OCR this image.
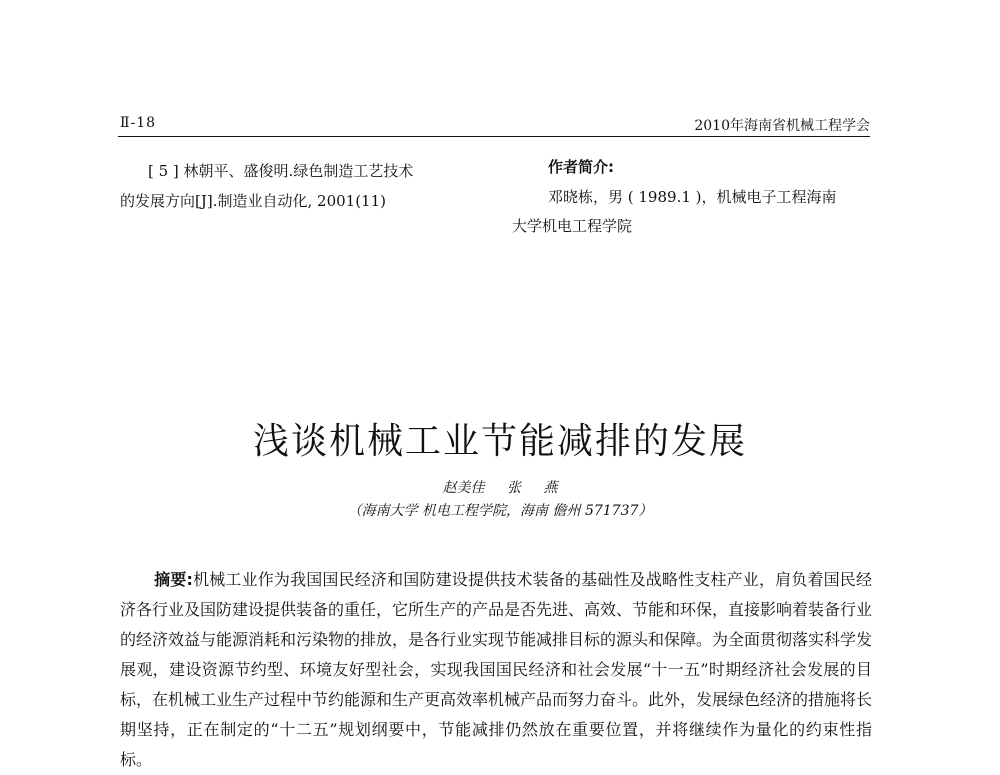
Ⅱ-18	2010年海南省机械工程学会
[ 5 ] 林朝平、盛俊明.绿色制造工艺技术
的发展方向[J].制造业自动化, 2001(11)
作者简介:
邓晓栋，男 ( 1989.1 )，机械电子工程海南
大学机电工程学院
浅谈机械工业节能减排的发展
赵美佳 张 燕
（海南大学 机电工程学院，海南 儋州 571737）
摘要:机械工业作为我国国民经济和国防建设提供技术装备的基础性及战略性支柱产业，肩负着国民经济各行业及国防建设提供装备的重任，它所生产的产品是否先进、高效、节能和环保，直接影响着装备行业的经济效益与能源消耗和污染物的排放，是各行业实现节能减排目标的源头和保障。为全面贯彻落实科学发展观，建设资源节约型、环境友好型社会，实现我国国民经济和社会发展“十一五”时期经济社会发展的目标，在机械工业生产过程中节约能源和生产更高效率机械产品而努力奋斗。此外，发展绿色经济的措施将长期坚持，正在制定的“十二五”规划纲要中，节能减排仍然放在重要位置，并将继续作为量化的约束性指标。
